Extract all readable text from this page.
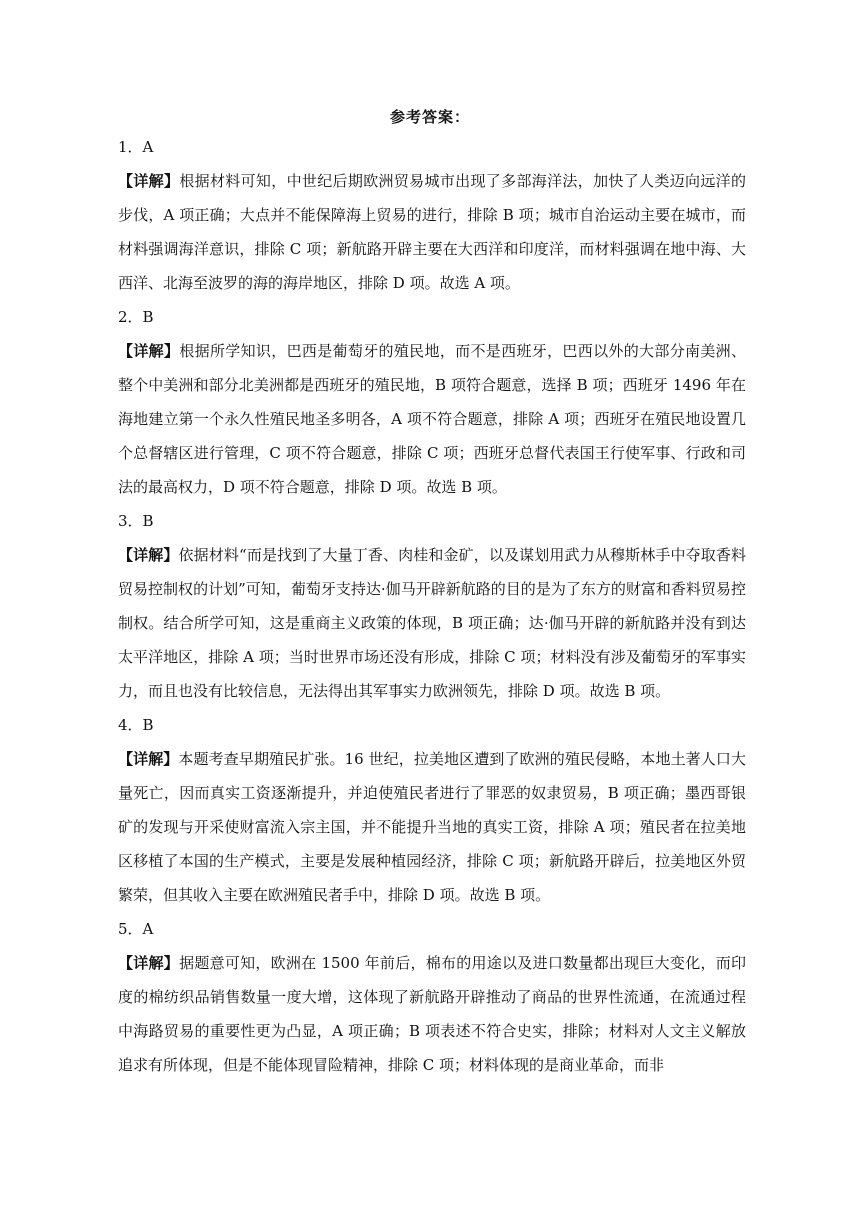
参考答案：
1．A
【详解】根据材料可知，中世纪后期欧洲贸易城市出现了多部海洋法，加快了人类迈向远洋的步伐，A 项正确；大点并不能保障海上贸易的进行，排除 B 项；城市自治运动主要在城市，而材料强调海洋意识，排除 C 项；新航路开辟主要在大西洋和印度洋，而材料强调在地中海、大西洋、北海至波罗的海的海岸地区，排除 D 项。故选 A 项。
2．B
【详解】根据所学知识，巴西是葡萄牙的殖民地，而不是西班牙，巴西以外的大部分南美洲、整个中美洲和部分北美洲都是西班牙的殖民地，B 项符合题意，选择 B 项；西班牙 1496 年在海地建立第一个永久性殖民地圣多明各，A 项不符合题意，排除 A 项；西班牙在殖民地设置几个总督辖区进行管理，C 项不符合题意，排除 C 项；西班牙总督代表国王行使军事、行政和司法的最高权力，D 项不符合题意，排除 D 项。故选 B 项。
3．B
【详解】依据材料“而是找到了大量丁香、肉桂和金矿，以及谋划用武力从穆斯林手中夺取香料贸易控制权的计划”可知，葡萄牙支持达·伽马开辟新航路的目的是为了东方的财富和香料贸易控制权。结合所学可知，这是重商主义政策的体现，B 项正确；达·伽马开辟的新航路并没有到达太平洋地区，排除 A 项；当时世界市场还没有形成，排除 C 项；材料没有涉及葡萄牙的军事实力，而且也没有比较信息，无法得出其军事实力欧洲领先，排除 D 项。故选 B 项。
4．B
【详解】本题考查早期殖民扩张。16 世纪，拉美地区遭到了欧洲的殖民侵略，本地土著人口大量死亡，因而真实工资逐渐提升，并迫使殖民者进行了罪恶的奴隶贸易，B 项正确；墨西哥银矿的发现与开采使财富流入宗主国，并不能提升当地的真实工资，排除 A 项；殖民者在拉美地区移植了本国的生产模式，主要是发展种植园经济，排除 C 项；新航路开辟后，拉美地区外贸繁荣，但其收入主要在欧洲殖民者手中，排除 D 项。故选 B 项。
5．A
【详解】据题意可知，欧洲在 1500 年前后，棉布的用途以及进口数量都出现巨大变化，而印度的棉纺织品销售数量一度大增，这体现了新航路开辟推动了商品的世界性流通，在流通过程中海路贸易的重要性更为凸显，A 项正确；B 项表述不符合史实，排除；材料对人文主义解放追求有所体现，但是不能体现冒险精神，排除 C 项；材料体现的是商业革命，而非
